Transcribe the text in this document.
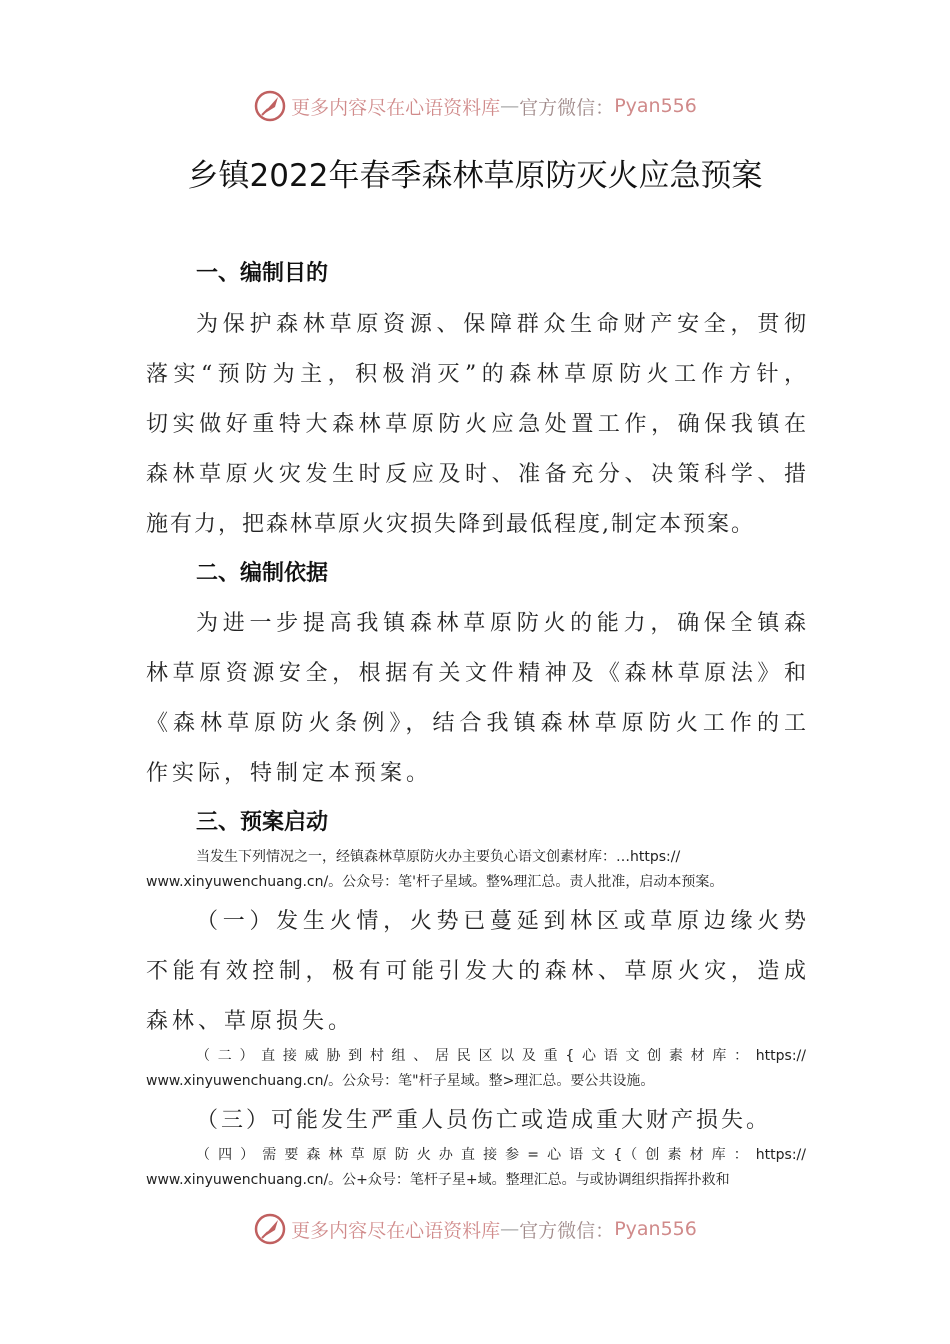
更多内容尽在心语资料库 — 官方微信： Pyan556
乡镇2022年春季森林草原防灭火应急预案
一、编制目的
为保护森林草原资源、保障群众生命财产安全，贯彻
落实“预防为主，积极消灭”的森林草原防火工作方针，
切实做好重特大森林草原防火应急处置工作，确保我镇在
森林草原火灾发生时反应及时、准备充分、决策科学、措
施有力，把森林草原火灾损失降到最低程度,制定本预案。
二、编制依据
为进一步提高我镇森林草原防火的能力，确保全镇森
林草原资源安全，根据有关文件精神及《森林草原法》和
《森林草原防火条例》，结合我镇森林草原防火工作的工
作实际，特制定本预案。
三、预案启动
当发生下列情况之一，经镇森林草原防火办主要负心语文创素材库：…https://
www.xinyuwenchuang.cn/。公众号：笔'杆子星域。整%理汇总。责人批准，启动本预案。
（一）发生火情，火势已蔓延到林区或草原边缘火势
不能有效控制，极有可能引发大的森林、草原火灾，造成
森林、草原损失。
（二）直接威胁到村组、居民区以及重{心语文创素材库：https://
www.xinyuwenchuang.cn/。公众号：笔"杆子星域。整>理汇总。要公共设施。
（三）可能发生严重人员伤亡或造成重大财产损失。
（四）需要森林草原防火办直接参=心语文{（创素材库：https://
www.xinyuwenchuang.cn/。公+众号：笔杆子星+域。整理汇总。与或协调组织指挥扑救和
更多内容尽在心语资料库 — 官方微信： Pyan556
